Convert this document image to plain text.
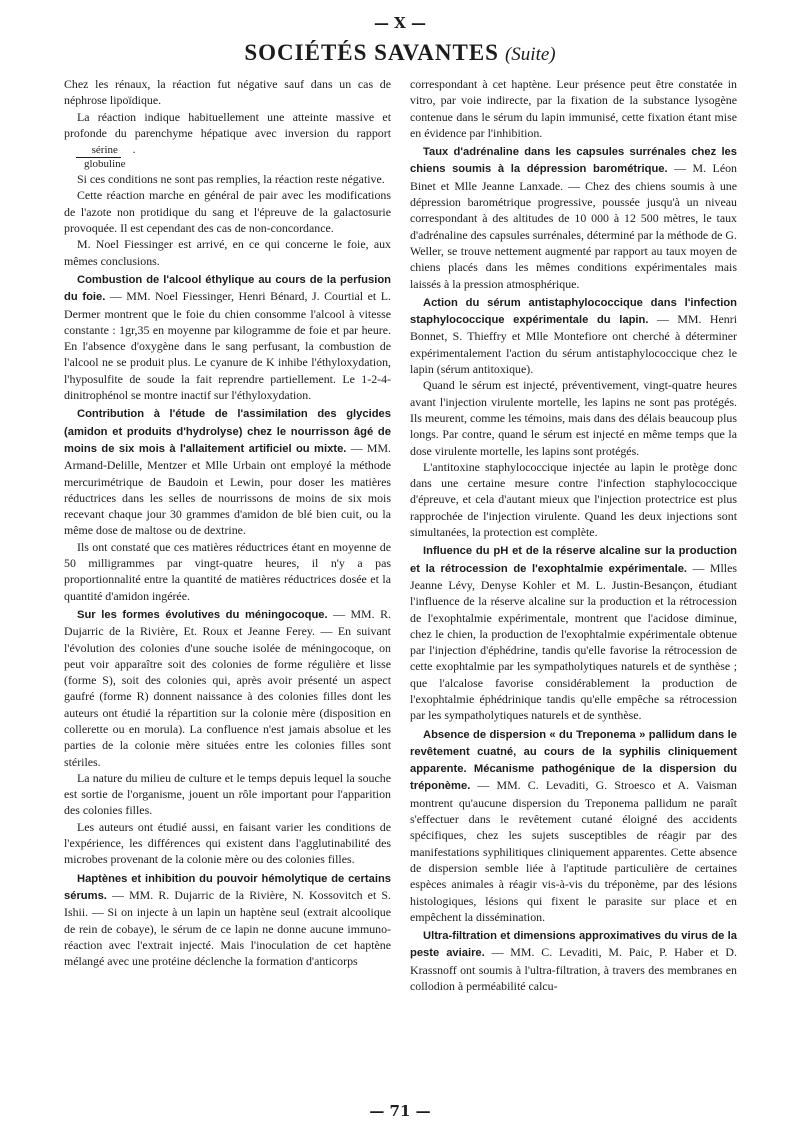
— X —
SOCIÉTÉS SAVANTES (Suite)

Chez les rénaux, la réaction fut négative sauf dans un cas de néphrose lipoïdique.

La réaction indique habituellement une atteinte massive et profonde du parenchyme hépatique avec inversion du rapport
$\frac{\text{sérine}}{\text{globuline}}$ .

Si ces conditions ne sont pas remplies, la réaction reste négative.

Cette réaction marche en général de pair avec les modifications de l'azote non protidique du sang et l'épreuve de la galactosurie provoquée. Il est cependant des cas de non-concordance.

M. Noel Fiessinger est arrivé, en ce qui concerne le foie, aux mêmes conclusions.

Combustion de l'alcool éthylique au cours de la perfusion du foie. — MM. Noel Fiessinger, Henri Bénard, J. Courtial et L. Dermer montrent que le foie du chien consomme l'alcool à vitesse constante : 1gr,35 en moyenne par kilogramme de foie et par heure. En l'absence d'oxygène dans le sang perfusant, la combustion de l'alcool ne se produit plus. Le cyanure de K inhibe l'éthyloxydation, l'hyposulfite de soude la fait reprendre partiellement. Le 1-2-4-dinitrophénol se montre inactif sur l'éthyloxydation.

Contribution à l'étude de l'assimilation des glycides (amidon et produits d'hydrolyse) chez le nourrisson âgé de moins de six mois à l'allaitement artificiel ou mixte. — MM. Armand-Delille, Mentzer et Mlle Urbain ont employé la méthode mercurimétrique de Baudoin et Lewin, pour doser les matières réductrices dans les selles de nourrissons de moins de six mois recevant chaque jour 30 grammes d'amidon de blé bien cuit, ou la même dose de maltose ou de dextrine.

Ils ont constaté que ces matières réductrices étant en moyenne de 50 milligrammes par vingt-quatre heures, il n'y a pas proportionnalité entre la quantité de matières réductrices dosée et la quantité d'amidon ingérée.

Sur les formes évolutives du méningocoque. — MM. R. Dujarric de la Rivière, Et. Roux et Jeanne Ferey. — En suivant l'évolution des colonies d'une souche isolée de méningocoque, on peut voir apparaître soit des colonies de forme régulière et lisse (forme S), soit des colonies qui, après avoir présenté un aspect gaufré (forme R) donnent naissance à des colonies filles dont les auteurs ont étudié la répartition sur la colonie mère (disposition en collerette ou en morula). La confluence n'est jamais absolue et les parties de la colonie mère situées entre les colonies filles sont stériles.

La nature du milieu de culture et le temps depuis lequel la souche est sortie de l'organisme, jouent un rôle important pour l'apparition des colonies filles.

Les auteurs ont étudié aussi, en faisant varier les conditions de l'expérience, les différences qui existent dans l'agglutinabilité des microbes provenant de la colonie mère ou des colonies filles.

Haptènes et inhibition du pouvoir hémolytique de certains sérums. — MM. R. Dujarric de la Rivière, N. Kossovitch et S. Ishii. — Si on injecte à un lapin un haptène seul (extrait alcoolique de rein de cobaye), le sérum de ce lapin ne donne aucune immuno-réaction avec l'extrait injecté. Mais l'inoculation de cet haptène mélangé avec une protéine déclenche la formation d'anticorps

correspondant à cet haptène. Leur présence peut être constatée in vitro, par voie indirecte, par la fixation de la substance lysogène contenue dans le sérum du lapin immunisé, cette fixation étant mise en évidence par l'inhibition.

Taux d'adrénaline dans les capsules surrénales chez les chiens soumis à la dépression barométrique. — M. Léon Binet et Mlle Jeanne Lanxade. — Chez des chiens soumis à une dépression barométrique progressive, poussée jusqu'à un niveau correspondant à des altitudes de 10 000 à 12 500 mètres, le taux d'adrénaline des capsules surrénales, déterminé par la méthode de G. Weller, se trouve nettement augmenté par rapport au taux moyen de chiens placés dans les mêmes conditions expérimentales mais laissés à la pression atmosphérique.

Action du sérum antistaphylococcique dans l'infection staphylococcique expérimentale du lapin. — MM. Henri Bonnet, S. Thieffry et Mlle Montefiore ont cherché à déterminer expérimentalement l'action du sérum antistaphylococcique chez le lapin (sérum antitoxique).

Quand le sérum est injecté, préventivement, vingt-quatre heures avant l'injection virulente mortelle, les lapins ne sont pas protégés. Ils meurent, comme les témoins, mais dans des délais beaucoup plus longs. Par contre, quand le sérum est injecté en même temps que la dose virulente mortelle, les lapins sont protégés.

L'antitoxine staphylococcique injectée au lapin le protège donc dans une certaine mesure contre l'infection staphylococcique d'épreuve, et cela d'autant mieux que l'injection protectrice est plus rapprochée de l'injection virulente. Quand les deux injections sont simultanées, la protection est complète.

Influence du pH et de la réserve alcaline sur la production et la rétrocession de l'exophtalmie expérimentale. — Mlles Jeanne Lévy, Denyse Kohler et M. L. Justin-Besançon, étudiant l'influence de la réserve alcaline sur la production et la rétrocession de l'exophtalmie expérimentale, montrent que l'acidose diminue, chez le chien, la production de l'exophtalmie expérimentale obtenue par l'injection d'éphédrine, tandis qu'elle favorise la rétrocession de cette exophtalmie par les sympatholytiques naturels et de synthèse ; que l'alcalose favorise considérablement la production de l'exophtalmie éphédrinique tandis qu'elle empêche sa rétrocession par les sympatholytiques naturels et de synthèse.

Absence de dispersion « du Treponema » pallidum dans le revêtement cuatné, au cours de la syphilis cliniquement apparente. Mécanisme pathogénique de la dispersion du tréponème. — MM. C. Levaditi, G. Stroesco et A. Vaisman montrent qu'aucune dispersion du Treponema pallidum ne paraît s'effectuer dans le revêtement cutané éloigné des accidents spécifiques, chez les sujets susceptibles de réagir par des manifestations syphilitiques cliniquement apparentes. Cette absence de dispersion semble liée à l'aptitude particulière de certaines espèces animales à réagir vis-à-vis du tréponème, par des lésions histologiques, lésions qui fixent le parasite sur place et en empêchent la dissémination.

Ultra-filtration et dimensions approximatives du virus de la peste aviaire. — MM. C. Levaditi, M. Paic, P. Haber et D. Krassnoff ont soumis à l'ultra-filtration, à travers des membranes en collodion à perméabilité calcu-

— 71 —
